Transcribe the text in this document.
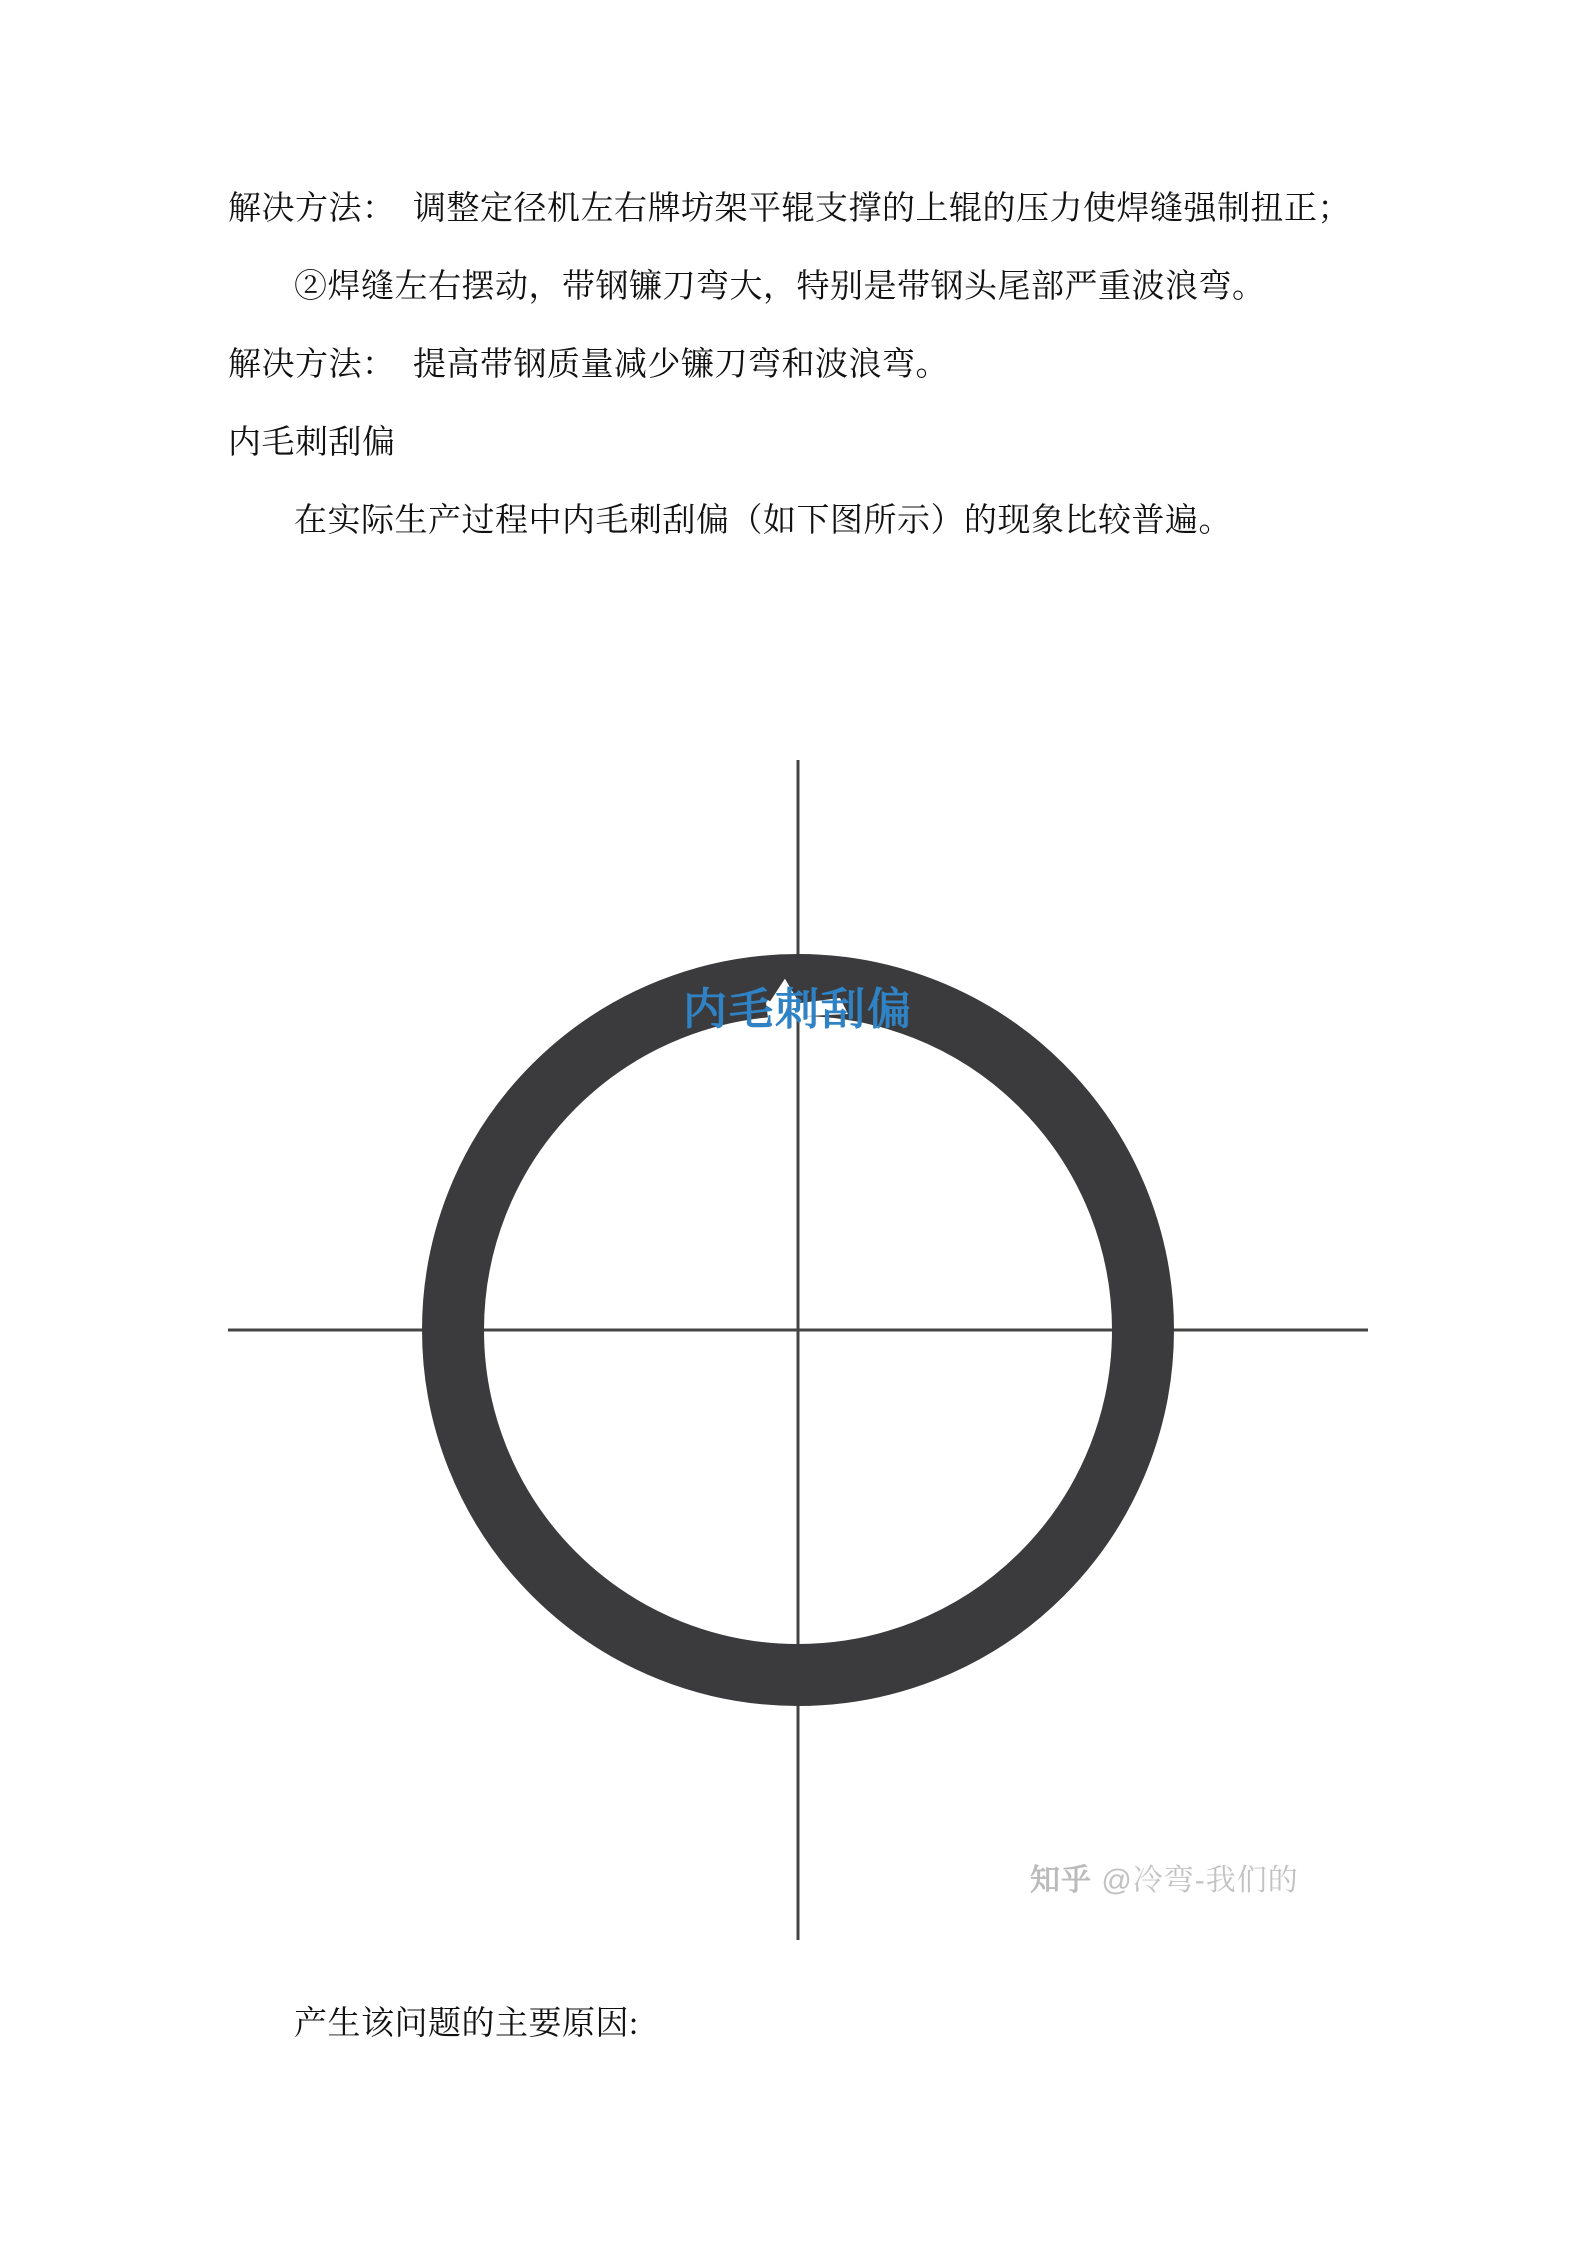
解决方法：  调整定径机左右牌坊架平辊支撑的上辊的压力使焊缝强制扭正；

②焊缝左右摆动，带钢镰刀弯大，特别是带钢头尾部严重波浪弯。

解决方法：  提高带钢质量减少镰刀弯和波浪弯。

内毛刺刮偏

在实际生产过程中内毛刺刮偏（如下图所示）的现象比较普遍。

内毛刺刮偏
知乎 @冷弯-我们的

产生该问题的主要原因:
